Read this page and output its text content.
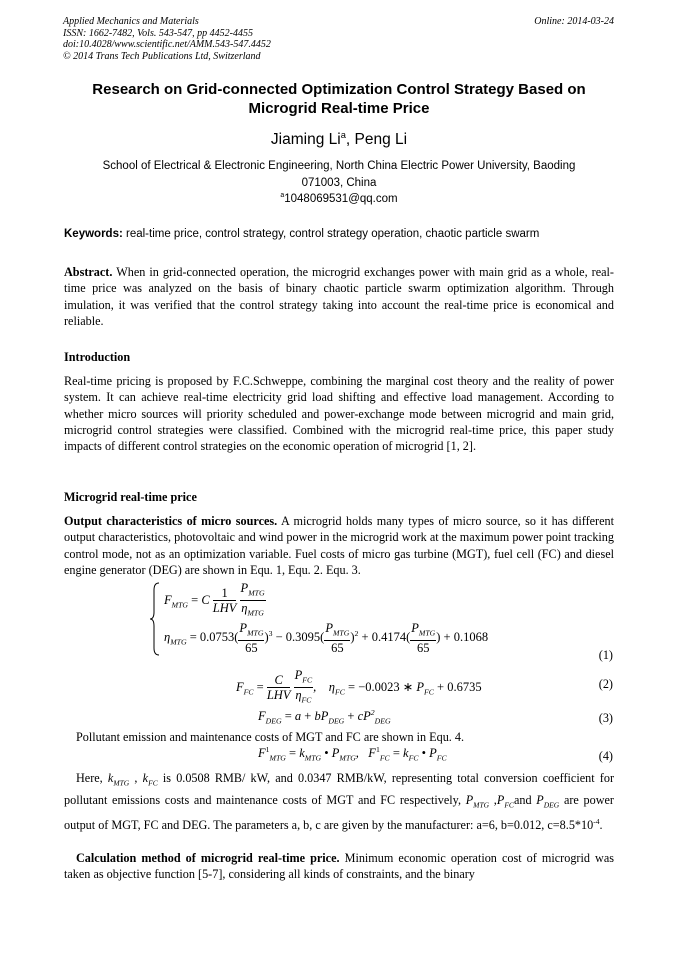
Applied Mechanics and Materials
ISSN: 1662-7482, Vols. 543-547, pp 4452-4455
doi:10.4028/www.scientific.net/AMM.543-547.4452
© 2014 Trans Tech Publications Ltd, Switzerland
Online: 2014-03-24
Research on Grid-connected Optimization Control Strategy Based on
Microgrid Real-time Price
Jiaming Li$^a$, Peng Li
School of Electrical & Electronic Engineering, North China Electric Power University, Baoding
071003, China
$^a$1048069531@qq.com
Keywords: real-time price, control strategy, control strategy operation, chaotic particle swarm
Abstract. When in grid-connected operation, the microgrid exchanges power with main grid as a whole, real-time price was analyzed on the basis of binary chaotic particle swarm optimization algorithm. Through imulation, it was verified that the control strategy taking into account the real-time price is economical and reliable.
Introduction
Real-time pricing is proposed by F.C.Schweppe, combining the marginal cost theory and the reality of power system. It can achieve real-time electricity grid load shifting and effective load management. According to whether micro sources will priority scheduled and power-exchange mode between microgrid and main grid, microgrid control strategies were classified. Combined with the microgrid real-time price, this paper study impacts of different control strategies on the economic operation of microgrid [1, 2].
Microgrid real-time price
Output characteristics of micro sources. A microgrid holds many types of micro source, so it has different output characteristics, photovoltaic and wind power in the microgrid work at the maximum power point tracking control mode, not as an optimization variable. Fuel costs of micro gas turbine (MGT), fuel cell (FC) and diesel engine generator (DEG) are shown in Equ. 1, Equ. 2. Equ. 3.
$F_{MTG} = C \frac{1}{\text{LHV}}$
$\frac{P_{MTG}}{\eta_{MTG}}$
$\eta_{MTG} = 0.0753( \frac{P_{MTG}}{65} )^3 - 0.3095( \frac{P_{MTG}}{65} )^2 + 0.4174( \frac{P_{MTG}}{65}$ ) + 0.1068
(1)
$F_{FC} = \frac{C}{\text{LHV}}$
$\frac{P_{FC}}{\eta_{FC}}$ ,    $\eta_{FC} = -0.0023$ ∗ $P_{FC} + 0.6735$	(2)
$F_{DEG} = a + bP_{DEG} + cP^2_{DEG}$	(3)
Pollutant emission and maintenance costs of MGT and FC are shown in Equ. 4.
$F^1_{MTG} = k_{MTG}$ • $P_{MTG}$,   $F^1_{FC} = k_{FC}$ • $P_{FC}$	(4)
Here, $k_{MTG}$ , $k_{FC}$ is 0.0508 RMB/ kW, and 0.0347 RMB/kW, representing total conversion coefficient for pollutant emissions costs and maintenance costs of MGT and FC respectively, $P_{MTG}$ $,P_{FC}and$ $P_{DEG}$ are power output of MGT, FC and DEG. The parameters a, b, c are given by the manufacturer: a=6, b=0.012, $c=8.5*10^{-4}$.
Calculation method of microgrid real-time price. Minimum economic operation cost of microgrid was taken as objective function [5-7], considering all kinds of constraints, and the binary
